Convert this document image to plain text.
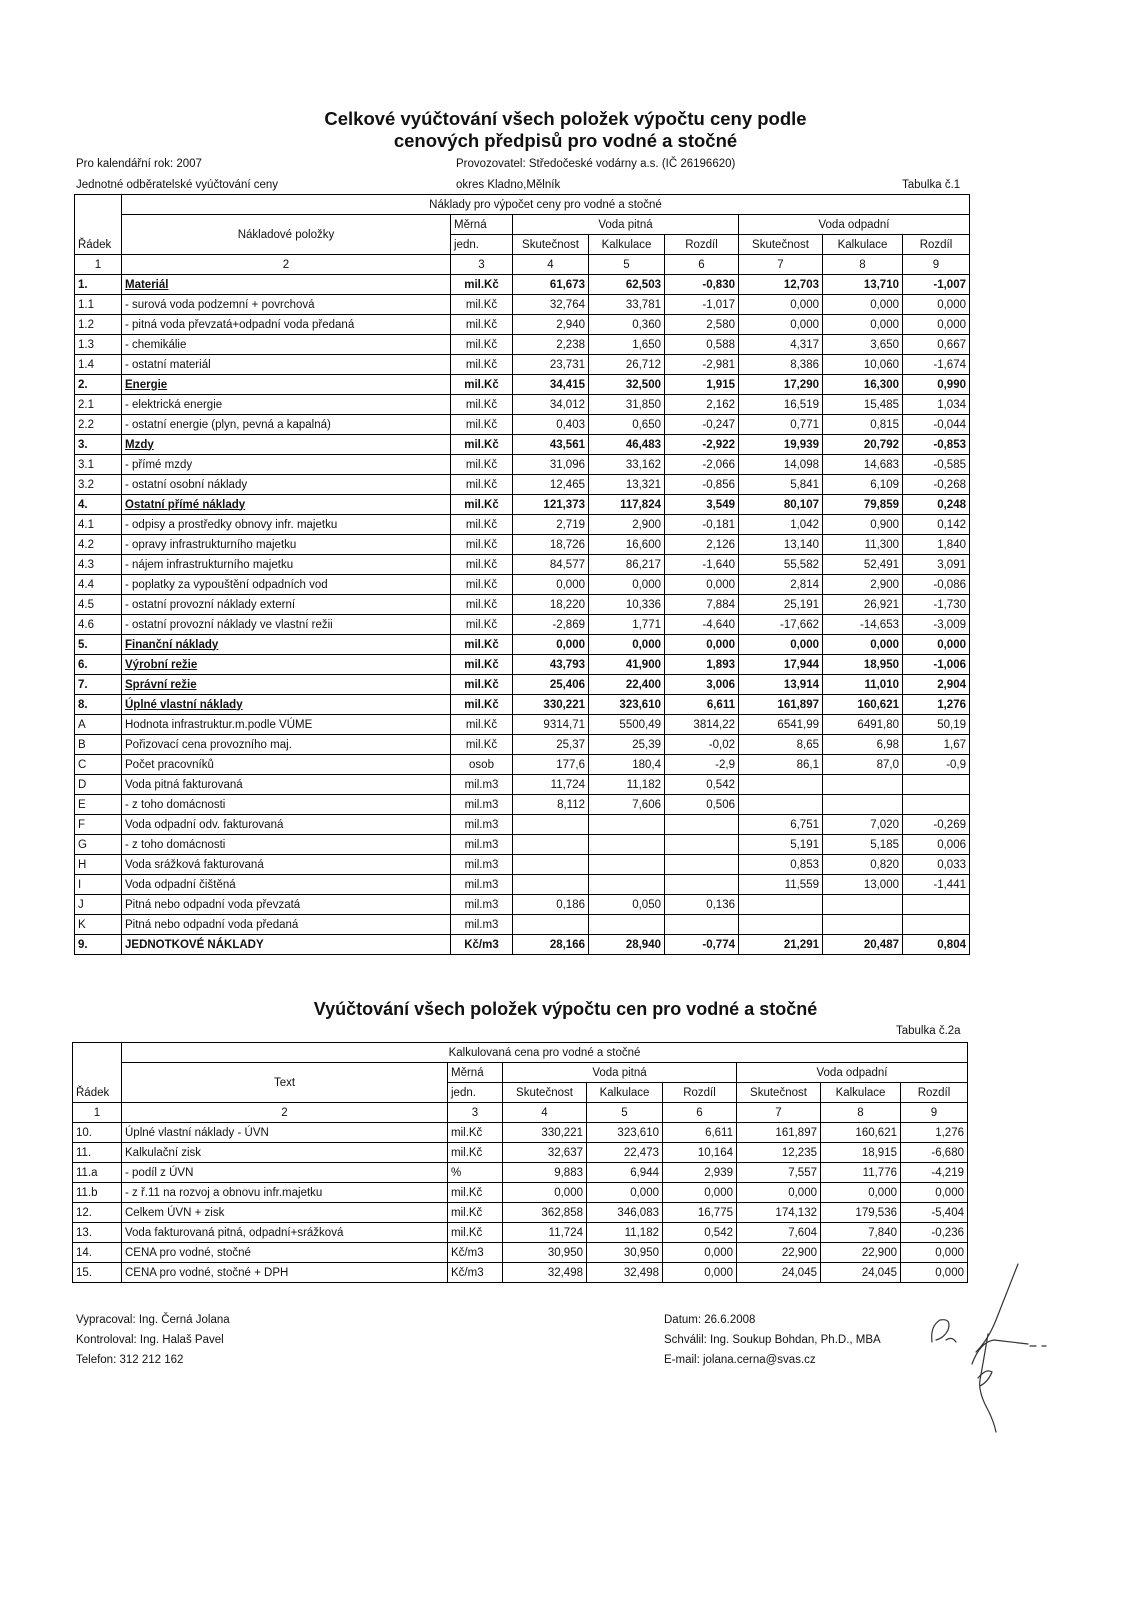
Celkové vyúčtování všech položek výpočtu ceny podle
cenových předpisů pro vodné a stočné
Pro kalendářní rok: 2007	Provozovatel: Středočeské vodárny a.s. (IČ 26196620)
Jednotné odběratelské vyúčtování ceny	okres Kladno,Mělník	Tabulka č.1
Řádek	Náklady pro výpočet ceny pro vodné a stočné							
	Nákladové položky	Měrná	Voda pitná			Voda odpadní		
		jedn.	Skutečnost	Kalkulace	Rozdíl	Skutečnost	Kalkulace	Rozdíl
1	2	3	4	5	6	7	8	9
1.	Materiál	mil.Kč	61,673	62,503	-0,830	12,703	13,710	-1,007
1.1	- surová voda podzemní + povrchová	mil.Kč	32,764	33,781	-1,017	0,000	0,000	0,000
1.2	- pitná voda převzatá+odpadní voda předaná	mil.Kč	2,940	0,360	2,580	0,000	0,000	0,000
1.3	- chemikálie	mil.Kč	2,238	1,650	0,588	4,317	3,650	0,667
1.4	- ostatní materiál	mil.Kč	23,731	26,712	-2,981	8,386	10,060	-1,674
2.	Energie	mil.Kč	34,415	32,500	1,915	17,290	16,300	0,990
2.1	- elektrická energie	mil.Kč	34,012	31,850	2,162	16,519	15,485	1,034
2.2	- ostatní energie (plyn, pevná a kapalná)	mil.Kč	0,403	0,650	-0,247	0,771	0,815	-0,044
3.	Mzdy	mil.Kč	43,561	46,483	-2,922	19,939	20,792	-0,853
3.1	- přímé mzdy	mil.Kč	31,096	33,162	-2,066	14,098	14,683	-0,585
3.2	- ostatní osobní náklady	mil.Kč	12,465	13,321	-0,856	5,841	6,109	-0,268
4.	Ostatní přímé náklady	mil.Kč	121,373	117,824	3,549	80,107	79,859	0,248
4.1	- odpisy a prostředky obnovy infr. majetku	mil.Kč	2,719	2,900	-0,181	1,042	0,900	0,142
4.2	- opravy infrastrukturního majetku	mil.Kč	18,726	16,600	2,126	13,140	11,300	1,840
4.3	- nájem infrastrukturního majetku	mil.Kč	84,577	86,217	-1,640	55,582	52,491	3,091
4.4	- poplatky za vypouštění odpadních vod	mil.Kč	0,000	0,000	0,000	2,814	2,900	-0,086
4.5	- ostatní provozní náklady externí	mil.Kč	18,220	10,336	7,884	25,191	26,921	-1,730
4.6	- ostatní provozní náklady ve vlastní režii	mil.Kč	-2,869	1,771	-4,640	-17,662	-14,653	-3,009
5.	Finanční náklady	mil.Kč	0,000	0,000	0,000	0,000	0,000	0,000
6.	Výrobní režie	mil.Kč	43,793	41,900	1,893	17,944	18,950	-1,006
7.	Správní režie	mil.Kč	25,406	22,400	3,006	13,914	11,010	2,904
8.	Úplné vlastní náklady	mil.Kč	330,221	323,610	6,611	161,897	160,621	1,276
A	Hodnota infrastruktur.m.podle VÚME	mil.Kč	9314,71	5500,49	3814,22	6541,99	6491,80	50,19
B	Pořizovací cena provozního maj.	mil.Kč	25,37	25,39	-0,02	8,65	6,98	1,67
C	Počet pracovníků	osob	177,6	180,4	-2,9	86,1	87,0	-0,9
D	Voda pitná fakturovaná	mil.m3	11,724	11,182	0,542			
E	- z toho domácnosti	mil.m3	8,112	7,606	0,506			
F	Voda odpadní odv. fakturovaná	mil.m3				6,751	7,020	-0,269
G	- z toho domácnosti	mil.m3				5,191	5,185	0,006
H	Voda srážková fakturovaná	mil.m3				0,853	0,820	0,033
I	Voda odpadní čištěná	mil.m3				11,559	13,000	-1,441
J	Pitná nebo odpadní voda převzatá	mil.m3	0,186	0,050	0,136			
K	Pitná nebo odpadní voda předaná	mil.m3						
9.	JEDNOTKOVÉ NÁKLADY	Kč/m3	28,166	28,940	-0,774	21,291	20,487	0,804
Vyúčtování všech položek výpočtu cen pro vodné a stočné
Tabulka č.2a
Řádek	Kalkulovaná cena pro vodné a stočné							
	Text	Měrná	Voda pitná			Voda odpadní		
		jedn.	Skutečnost	Kalkulace	Rozdíl	Skutečnost	Kalkulace	Rozdíl
1	2	3	4	5	6	7	8	9
10.	Úplné vlastní náklady - ÚVN	mil.Kč	330,221	323,610	6,611	161,897	160,621	1,276
11.	Kalkulační zisk	mil.Kč	32,637	22,473	10,164	12,235	18,915	-6,680
11.a	- podíl z ÚVN	%	9,883	6,944	2,939	7,557	11,776	-4,219
11.b	- z ř.11 na rozvoj a obnovu infr.majetku	mil.Kč	0,000	0,000	0,000	0,000	0,000	0,000
12.	Celkem ÚVN + zisk	mil.Kč	362,858	346,083	16,775	174,132	179,536	-5,404
13.	Voda fakturovaná pitná, odpadní+srážková	mil.Kč	11,724	11,182	0,542	7,604	7,840	-0,236
14.	CENA pro vodné, stočné	Kč/m3	30,950	30,950	0,000	22,900	22,900	0,000
15.	CENA pro vodné, stočné + DPH	Kč/m3	32,498	32,498	0,000	24,045	24,045	0,000
Vypracoval: Ing. Černá Jolana
Kontroloval: Ing. Halaš Pavel
Telefon: 312 212 162
Datum: 26.6.2008
Schválil: Ing. Soukup Bohdan, Ph.D., MBA
E-mail: jolana.cerna@svas.cz
